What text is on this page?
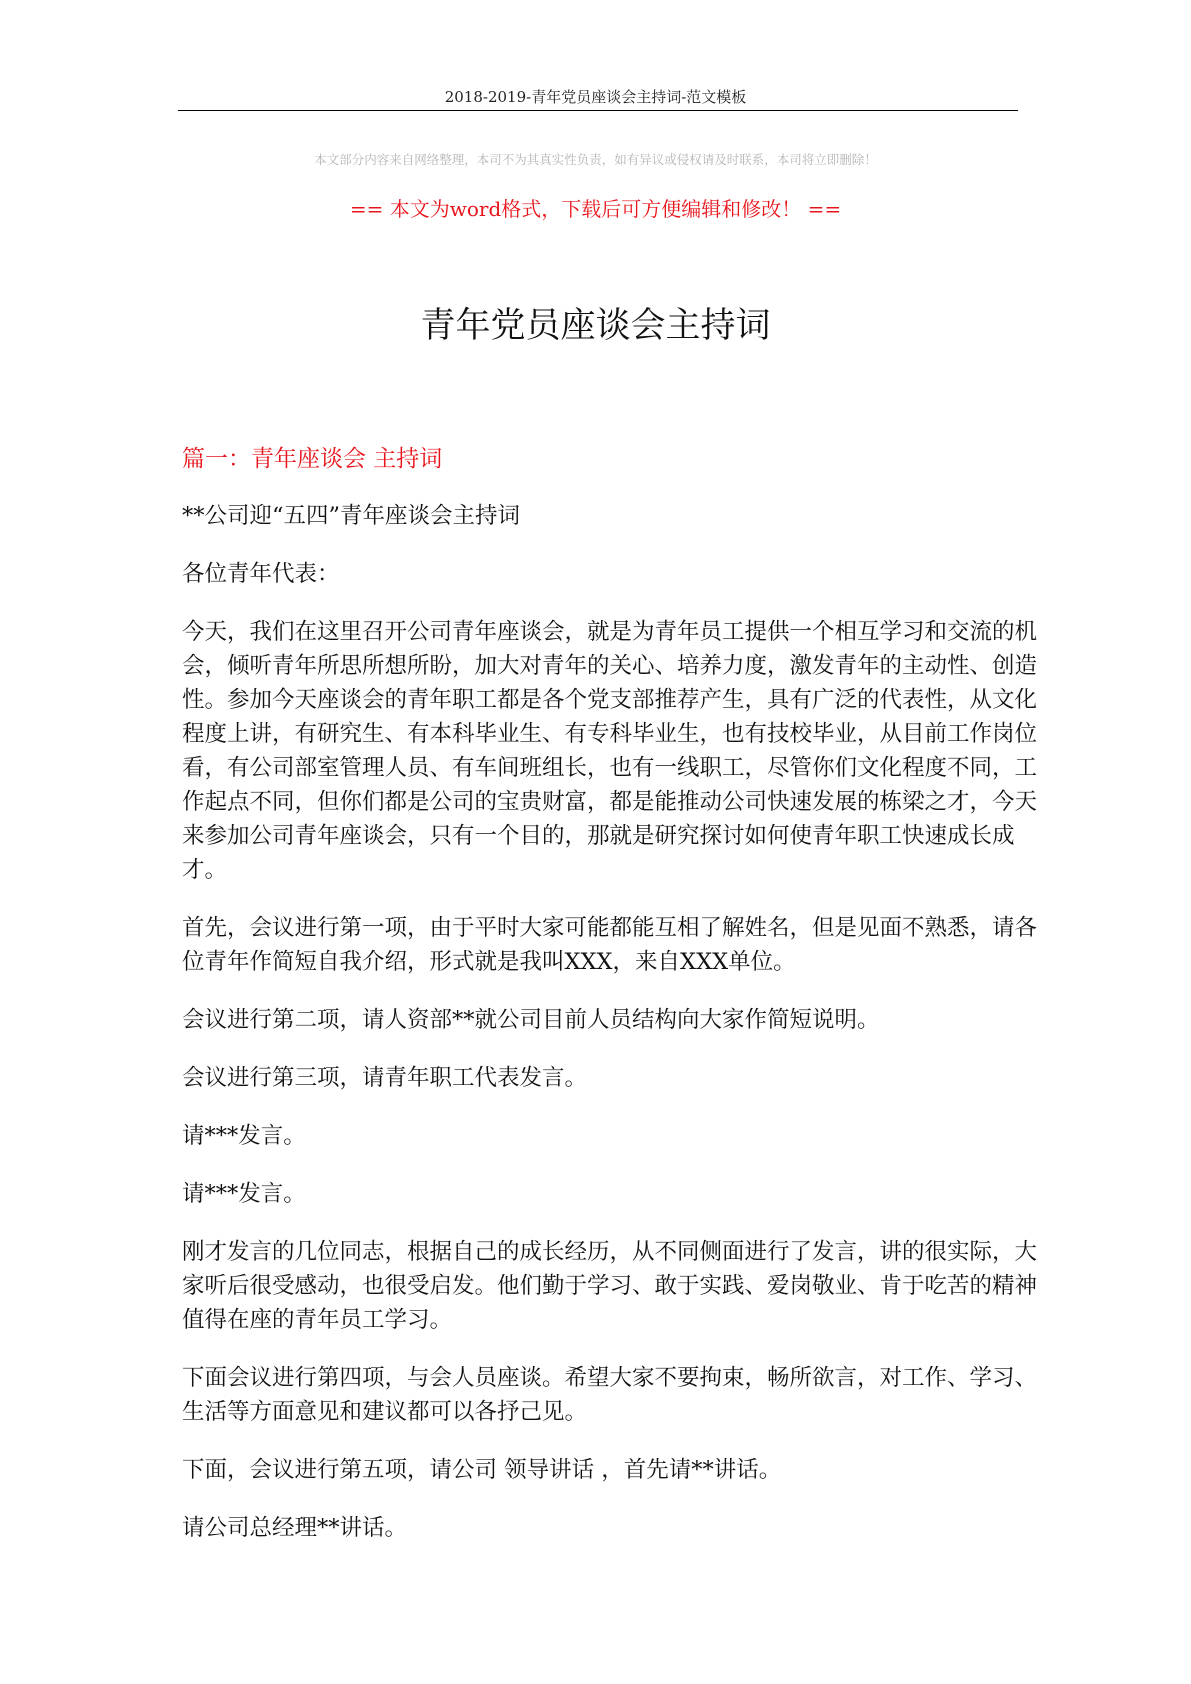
2018-2019-青年党员座谈会主持词-范文模板
本文部分内容来自网络整理，本司不为其真实性负责，如有异议或侵权请及时联系，本司将立即删除！
== 本文为word格式，下载后可方便编辑和修改！ ==
青年党员座谈会主持词
篇一：青年座谈会 主持词

**公司迎“五四”青年座谈会主持词

各位青年代表：

今天，我们在这里召开公司青年座谈会，就是为青年员工提供一个相互学习和交流的机会，倾听青年所思所想所盼，加大对青年的关心、培养力度，激发青年的主动性、创造性。参加今天座谈会的青年职工都是各个党支部推荐产生，具有广泛的代表性，从文化程度上讲，有研究生、有本科毕业生、有专科毕业生，也有技校毕业，从目前工作岗位看，有公司部室管理人员、有车间班组长，也有一线职工，尽管你们文化程度不同，工作起点不同，但你们都是公司的宝贵财富，都是能推动公司快速发展的栋梁之才，今天来参加公司青年座谈会，只有一个目的，那就是研究探讨如何使青年职工快速成长成才。

首先，会议进行第一项，由于平时大家可能都能互相了解姓名，但是见面不熟悉，请各位青年作简短自我介绍，形式就是我叫XXX，来自XXX单位。

会议进行第二项，请人资部**就公司目前人员结构向大家作简短说明。

会议进行第三项，请青年职工代表发言。

请***发言。

请***发言。

刚才发言的几位同志，根据自己的成长经历，从不同侧面进行了发言，讲的很实际，大家听后很受感动，也很受启发。他们勤于学习、敢于实践、爱岗敬业、肯于吃苦的精神值得在座的青年员工学习。

下面会议进行第四项，与会人员座谈。希望大家不要拘束，畅所欲言，对工作、学习、生活等方面意见和建议都可以各抒己见。

下面，会议进行第五项，请公司 领导讲话 ，首先请**讲话。

请公司总经理**讲话。
